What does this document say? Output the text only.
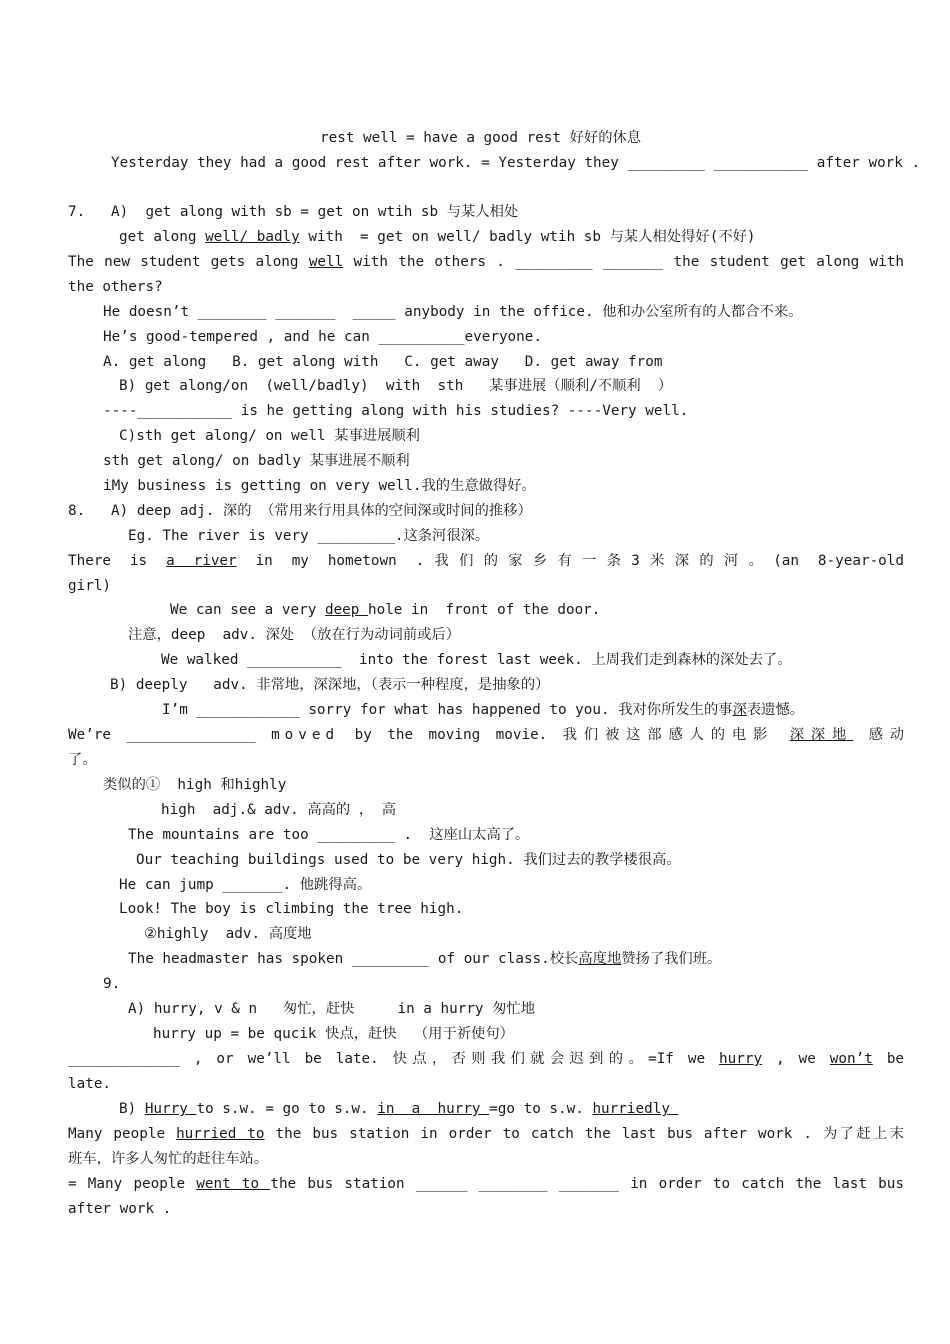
rest well = have a good rest 好好的休息
Yesterday they had a good rest after work. = Yesterday they _________ ___________ after work .
7.   A)  get along with sb = get on wtih sb 与某人相处
get along well/ badly with  = get on well/ badly wtih sb 与某人相处得好(不好)
The new student gets along well with the others . _________ _______ the student get along with
the others?
He doesn’t ________ _______  _____ anybody in the office. 他和办公室所有的人都合不来。
He’s good-tempered , and he can __________everyone.
A. get along   B. get along with   C. get away   D. get away from
B) get along/on  (well/badly)  with  sth   某事进展（顺利/不顺利  ）
----___________ is he getting along with his studies? ----Very well.
C)sth get along/ on well 某事进展顺利
sth get along/ on badly 某事进展不顺利
iMy business is getting on very well.我的生意做得好。
8.   A) deep adj. 深的 （常用来行用具体的空间深或时间的推移）
Eg. The river is very _________.这条河很深。
There is a river in my hometown .我们的家乡有一条3米深的河。(an 8-year-old
girl)
We can see a very deep hole in  front of the door.
注意，deep  adv. 深处 （放在行为动词前或后）
We walked ___________  into the forest last week. 上周我们走到森林的深处去了。
B) deeply   adv. 非常地，深深地，（表示一种程度，是抽象的）
I’m ____________ sorry for what has happened to you. 我对你所发生的事深表遗憾。
We’re _______________ moved by the moving movie. 我们被这部感人的电影 深深地 感动
了。
类似的①  high 和highly
high  adj.& adv. 高高的 ， 高
The mountains are too _________ .  这座山太高了。
Our teaching buildings used to be very high. 我们过去的教学楼很高。
He can jump _______. 他跳得高。
Look! The boy is climbing the tree high.
②highly  adv. 高度地
The headmaster has spoken _________ of our class.校长高度地赞扬了我们班。
9.
A) hurry, v & n   匆忙，赶快     in a hurry 匆忙地
hurry up = be qucik 快点，赶快  （用于祈使句）
_____________ , or we’ll be late. 快点，否则我们就会迟到的。=If we hurry , we won’t be
late.
B) Hurry to s.w. = go to s.w. in  a  hurry =go to s.w. hurriedly
Many people hurried to the bus station in order to catch the last bus after work . 为了赶上末
班车，许多人匆忙的赶往车站。
= Many people went to the bus station ______ ________ _______ in order to catch the last bus
after work .
